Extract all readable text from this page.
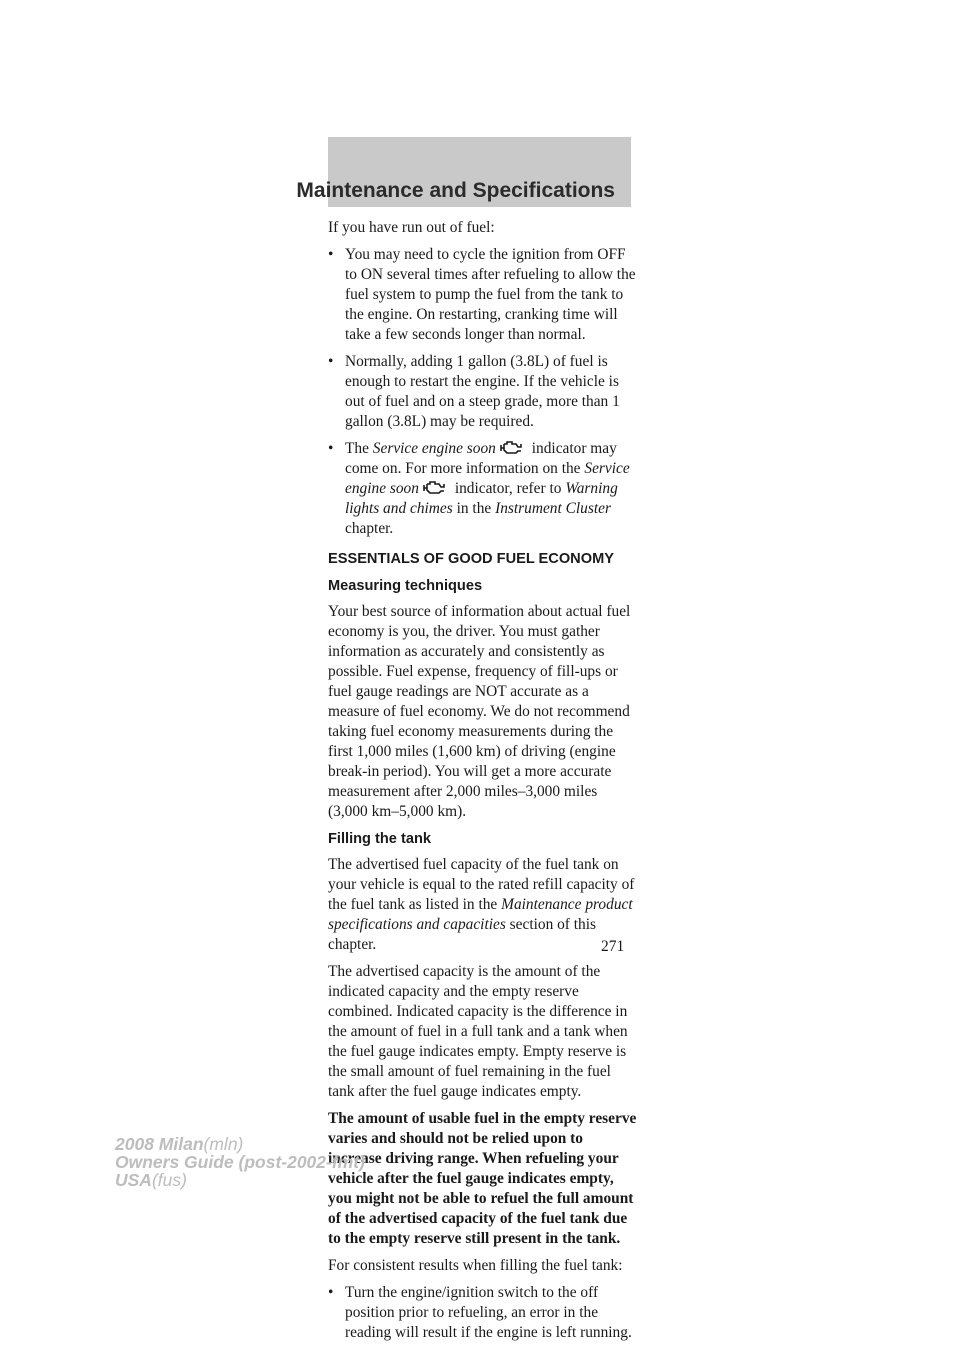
Maintenance and Specifications

If you have run out of fuel:

• You may need to cycle the ignition from OFF to ON several times after refueling to allow the fuel system to pump the fuel from the tank to the engine. On restarting, cranking time will take a few seconds longer than normal.
• Normally, adding 1 gallon (3.8L) of fuel is enough to restart the engine. If the vehicle is out of fuel and on a steep grade, more than 1 gallon (3.8L) may be required.
• The Service engine soon indicator may come on. For more information on the Service engine soon indicator, refer to Warning lights and chimes in the Instrument Cluster chapter.
ESSENTIALS OF GOOD FUEL ECONOMY
Measuring techniques

Your best source of information about actual fuel economy is you, the driver. You must gather information as accurately and consistently as possible. Fuel expense, frequency of fill-ups or fuel gauge readings are NOT accurate as a measure of fuel economy. We do not recommend taking fuel economy measurements during the first 1,000 miles (1,600 km) of driving (engine break-in period). You will get a more accurate measurement after 2,000 miles–3,000 miles (3,000 km–5,000 km).

Filling the tank

The advertised fuel capacity of the fuel tank on your vehicle is equal to the rated refill capacity of the fuel tank as listed in the Maintenance product specifications and capacities section of this chapter.

The advertised capacity is the amount of the indicated capacity and the empty reserve combined. Indicated capacity is the difference in the amount of fuel in a full tank and a tank when the fuel gauge indicates empty. Empty reserve is the small amount of fuel remaining in the fuel tank after the fuel gauge indicates empty.

The amount of usable fuel in the empty reserve varies and should not be relied upon to increase driving range. When refueling your vehicle after the fuel gauge indicates empty, you might not be able to refuel the full amount of the advertised capacity of the fuel tank due to the empty reserve still present in the tank.

For consistent results when filling the fuel tank:

• Turn the engine/ignition switch to the off position prior to refueling, an error in the reading will result if the engine is left running.
271
2008 Milan(mln)
Owners Guide (post-2002-fmt)
USA(fus)
